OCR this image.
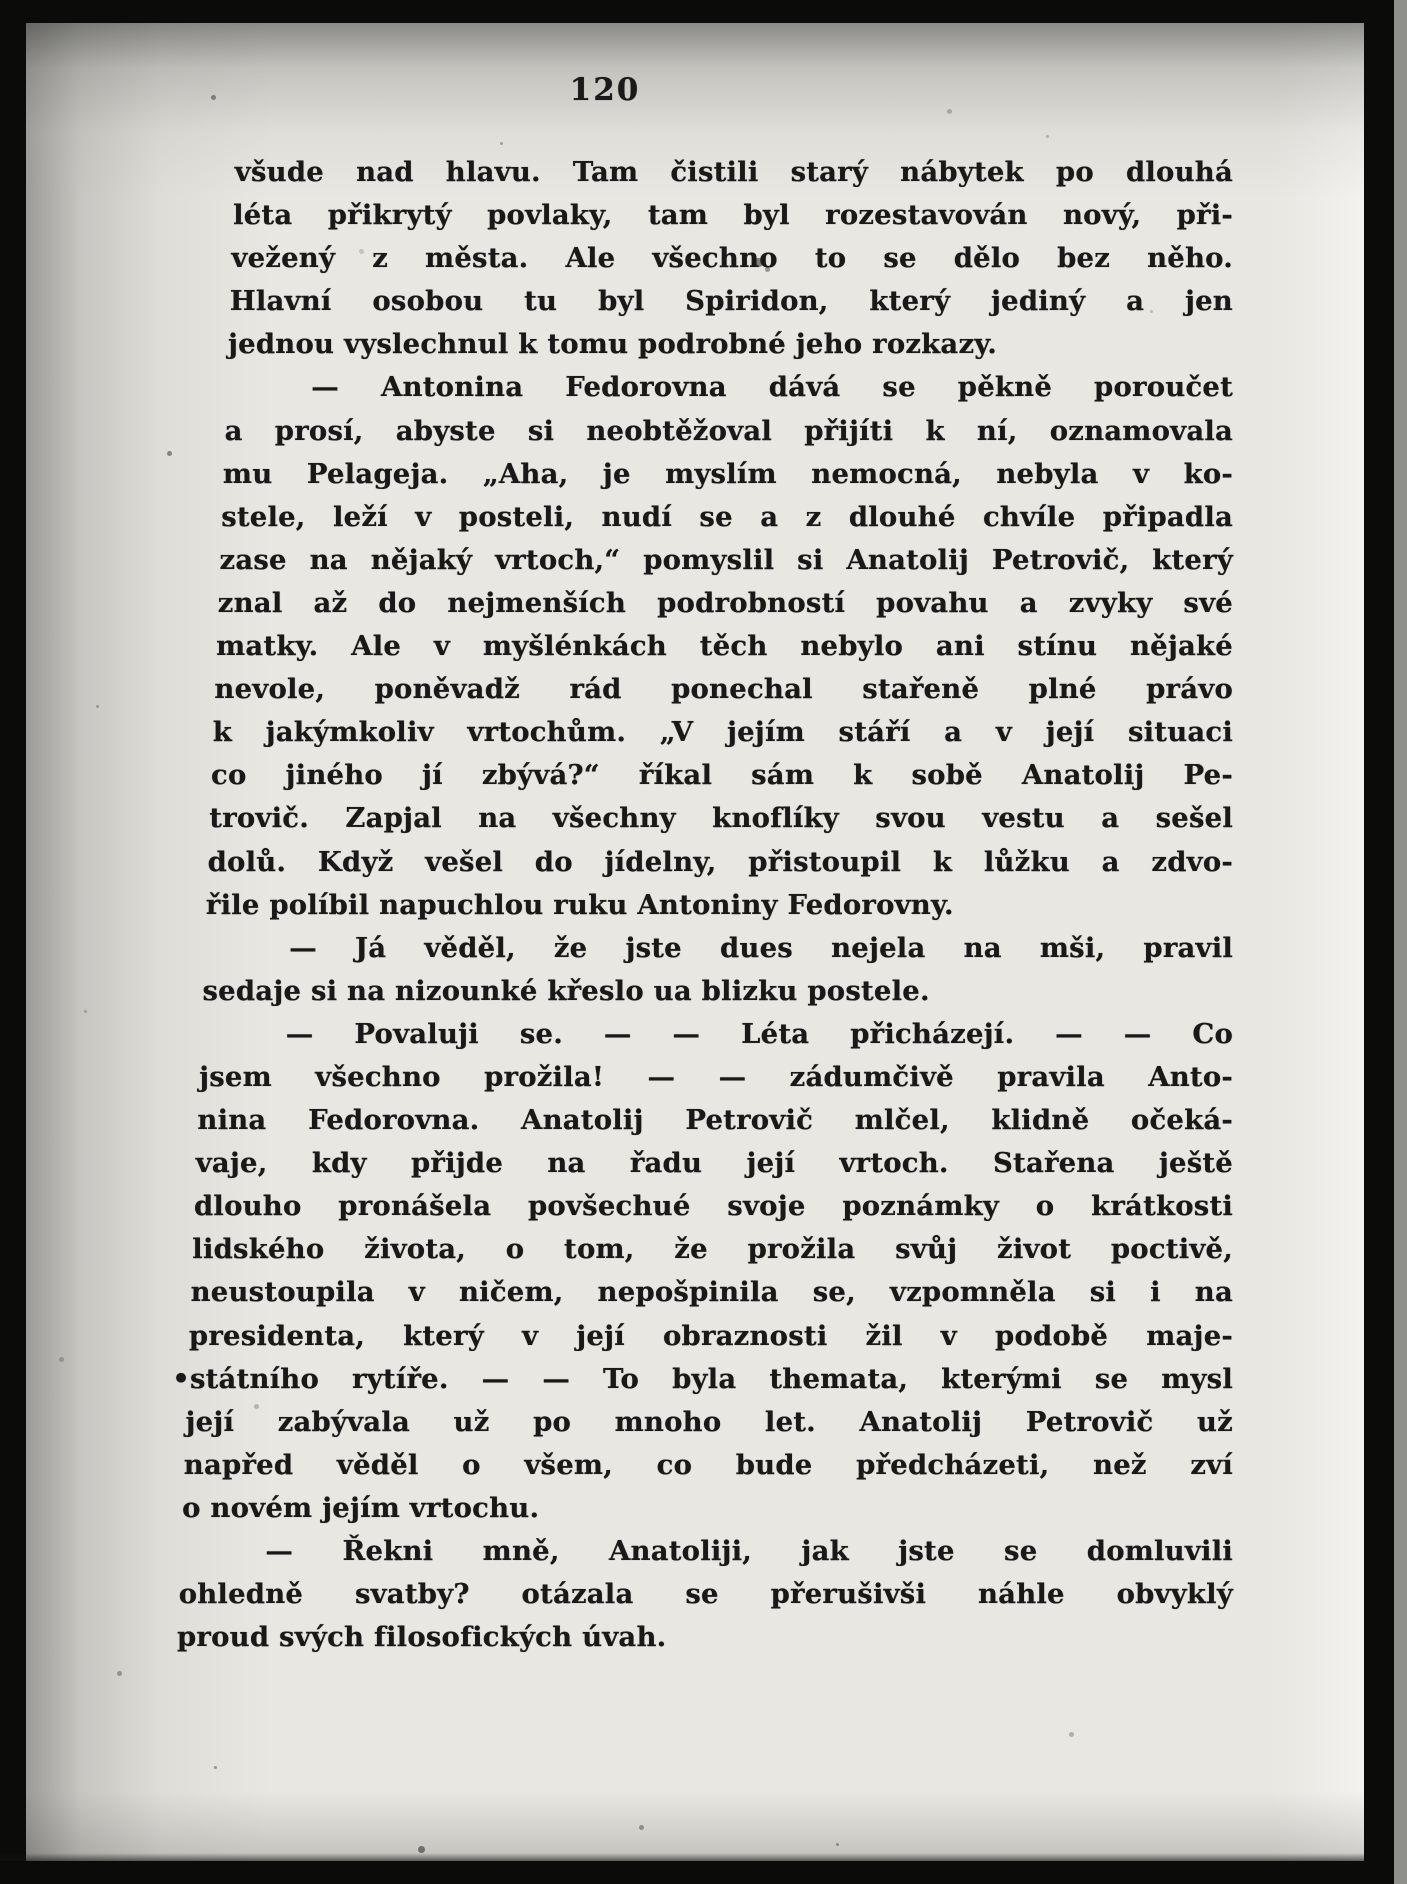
120
všude nad hlavu. Tam čistili starý nábytek po dlouhá
léta přikrytý povlaky, tam byl rozestavován nový, při-
vežený z města. Ale všechno to se dělo bez něho.
Hlavní osobou tu byl Spiridon, který jediný a jen
jednou vyslechnul k tomu podrobné jeho rozkazy.
— Antonina Fedorovna dává se pěkně poroučet
a prosí, abyste si neobtěžoval přijíti k ní, oznamovala
mu Pelageja. „Aha, je myslím nemocná, nebyla v ko-
stele, leží v posteli, nudí se a z dlouhé chvíle připadla
zase na nějaký vrtoch,“ pomyslil si Anatolij Petrovič, který
znal až do nejmenších podrobností povahu a zvyky své
matky. Ale v myšlénkách těch nebylo ani stínu nějaké
nevole, poněvadž rád ponechal stařeně plné právo
k jakýmkoliv vrtochům. „V jejím stáří a v její situaci
co jiného jí zbývá?“ říkal sám k sobě Anatolij Pe-
trovič. Zapjal na všechny knoflíky svou vestu a sešel
dolů. Když vešel do jídelny, přistoupil k lůžku a zdvo-
řile políbil napuchlou ruku Antoniny Fedorovny.
— Já věděl, že jste dues nejela na mši, pravil
sedaje si na nizounké křeslo ua blizku postele.
— Povaluji se. — — Léta přicházejí. — — Co
jsem všechno prožila! — — zádumčivě pravila Anto-
nina Fedorovna. Anatolij Petrovič mlčel, klidně očeká-
vaje, kdy přijde na řadu její vrtoch. Stařena ještě
dlouho pronášela povšechué svoje poznámky o krátkosti
lidského života, o tom, že prožila svůj život poctivě,
neustoupila v ničem, nepošpinila se, vzpomněla si i na
presidenta, který v její obraznosti žil v podobě maje-
•státního rytíře. — — To byla themata, kterými se mysl
její zabývala už po mnoho let. Anatolij Petrovič už
napřed věděl o všem, co bude předcházeti, než zví
o novém jejím vrtochu.
— Řekni mně, Anatoliji, jak jste se domluvili
ohledně svatby? otázala se přerušivši náhle obvyklý
proud svých filosofických úvah.
